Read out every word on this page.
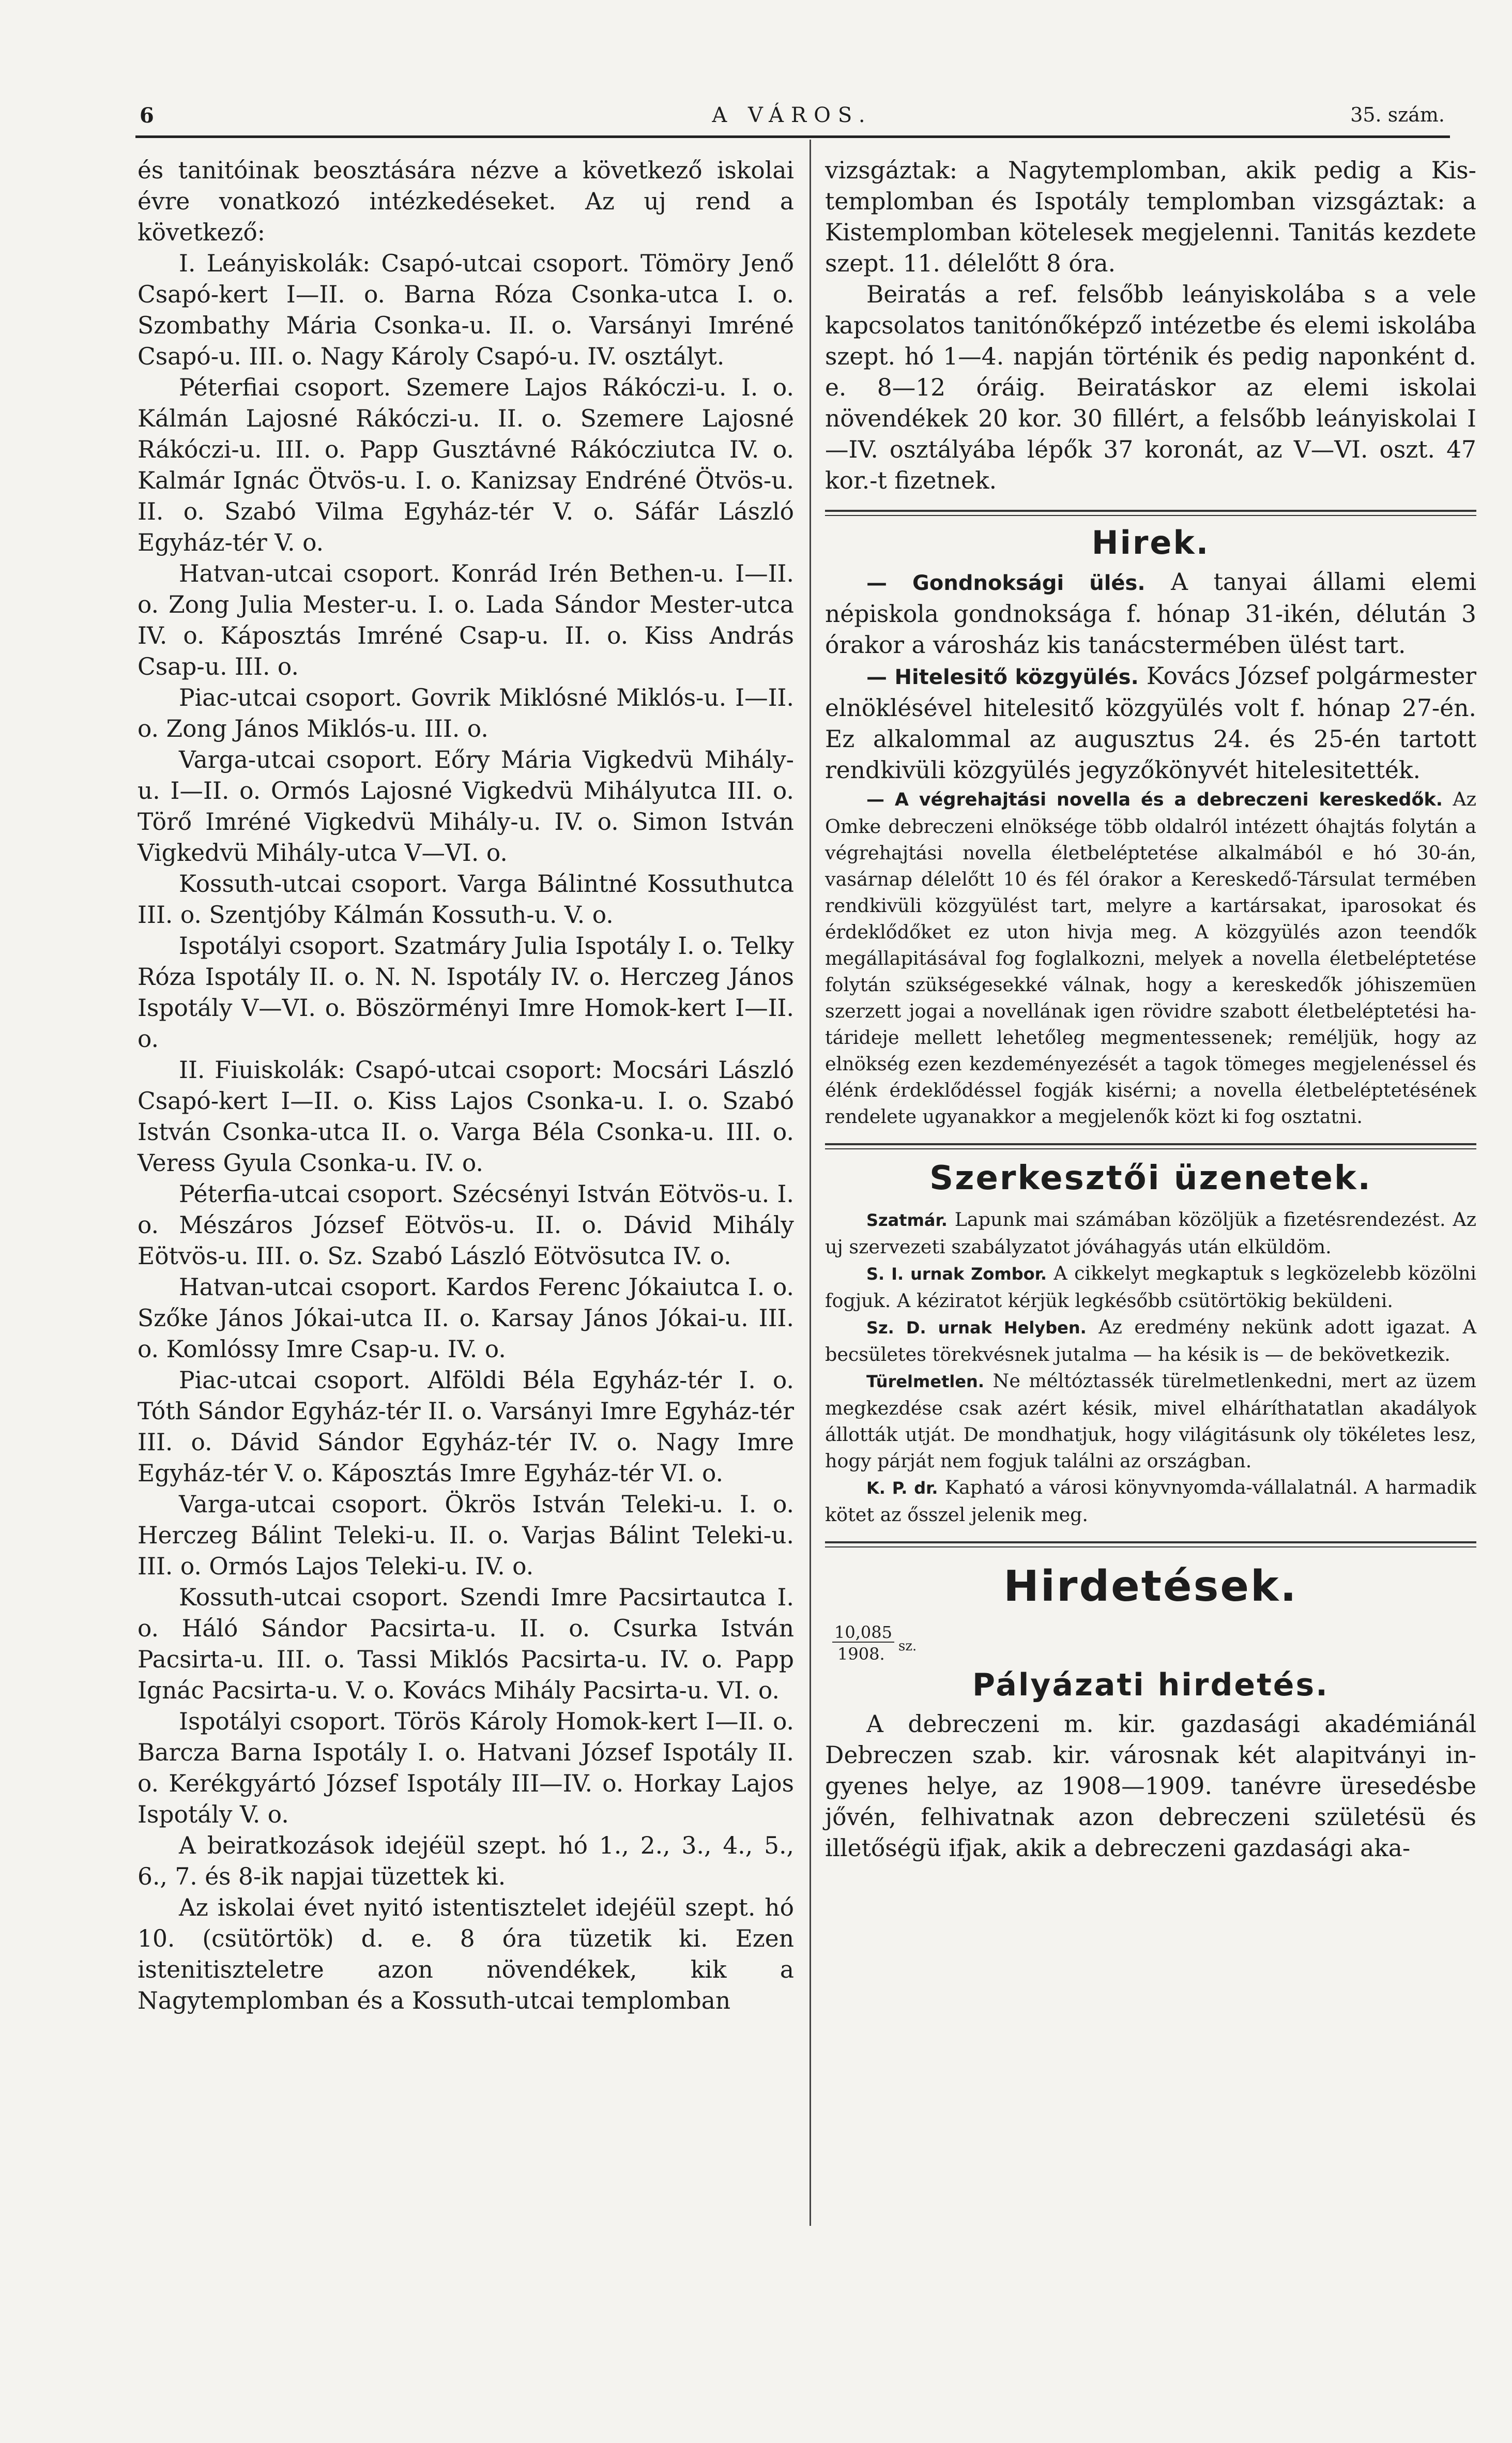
6	A VÁROS.	35. szám.

és tanitóinak beosztására nézve a következő iskolai évre vonatkozó intézkedéseket. Az uj rend a következő:

I. Leányiskolák: Csapó-utcai csoport. Tömöry Jenő Csapó-kert I—II. o. Barna Róza Csonka-utca I. o. Szombathy Mária Csonka-u. II. o. Varsányi Imréné Csapó-u. III. o. Nagy Károly Csapó-u. IV. osztályt.

Péterfiai csoport. Szemere Lajos Rákóczi-u. I. o. Kálmán Lajosné Rákóczi-u. II. o. Szemere Lajosné Rákóczi-u. III. o. Papp Gusztávné Rákócziutca IV. o. Kalmár Ignác Ötvös-u. I. o. Kanizsay Endréné Ötvös-u. II. o. Szabó Vilma Egyház-tér V. o. Sáfár László Egyház-tér V. o.

Hatvan-utcai csoport. Konrád Irén Bethen-u. I—II. o. Zong Julia Mester-u. I. o. Lada Sándor Mester-utca IV. o. Káposztás Imréné Csap-u. II. o. Kiss András Csap-u. III. o.

Piac-utcai csoport. Govrik Miklósné Miklós-u. I—II. o. Zong János Miklós-u. III. o.

Varga-utcai csoport. Eőry Mária Vigkedvü Mihály-u. I—II. o. Ormós Lajosné Vigkedvü Mihályutca III. o. Törő Imréné Vigkedvü Mihály-u. IV. o. Simon István Vigkedvü Mihály-utca V—VI. o.

Kossuth-utcai csoport. Varga Bálintné Kossuthutca III. o. Szentjóby Kálmán Kossuth-u. V. o.

Ispotályi csoport. Szatmáry Julia Ispotály I. o. Telky Róza Ispotály II. o. N. N. Ispotály IV. o. Herczeg János Ispotály V—VI. o. Böszörményi Imre Homok-kert I—II. o.

II. Fiuiskolák: Csapó-utcai csoport: Mocsári László Csapó-kert I—II. o. Kiss Lajos Csonka-u. I. o. Szabó István Csonka-utca II. o. Varga Béla Csonka-u. III. o. Veress Gyula Csonka-u. IV. o.

Péterfia-utcai csoport. Szécsényi István Eötvös-u. I. o. Mészáros József Eötvös-u. II. o. Dávid Mihály Eötvös-u. III. o. Sz. Szabó László Eötvösutca IV. o.

Hatvan-utcai csoport. Kardos Ferenc Jókaiutca I. o. Szőke János Jókai-utca II. o. Karsay János Jókai-u. III. o. Komlóssy Imre Csap-u. IV. o.

Piac-utcai csoport. Alföldi Béla Egyház-tér I. o. Tóth Sándor Egyház-tér II. o. Varsányi Imre Egyház-tér III. o. Dávid Sándor Egyház-tér IV. o. Nagy Imre Egyház-tér V. o. Káposztás Imre Egyház-tér VI. o.

Varga-utcai csoport. Ökrös István Teleki-u. I. o. Herczeg Bálint Teleki-u. II. o. Varjas Bálint Teleki-u. III. o. Ormós Lajos Teleki-u. IV. o.

Kossuth-utcai csoport. Szendi Imre Pacsirtautca I. o. Háló Sándor Pacsirta-u. II. o. Csurka István Pacsirta-u. III. o. Tassi Miklós Pacsirta-u. IV. o. Papp Ignác Pacsirta-u. V. o. Kovács Mihály Pacsirta-u. VI. o.

Ispotályi csoport. Törös Károly Homok-kert I—II. o. Barcza Barna Ispotály I. o. Hatvani József Ispotály II. o. Kerékgyártó József Ispotály III—IV. o. Horkay Lajos Ispotály V. o.

A beiratkozások idejéül szept. hó 1., 2., 3., 4., 5., 6., 7. és 8-ik napjai tüzettek ki.

Az iskolai évet nyitó istentisztelet idejéül szept. hó 10. (csütörtök) d. e. 8 óra tüzetik ki. Ezen istenitiszteletre azon növendékek, kik a Nagytemplomban és a Kossuth-utcai templomban

vizsgáztak: a Nagytemplomban, akik pedig a Kistemplomban és Ispotály templomban vizsgáztak: a Kistemplomban kötelesek megjelenni. Tanitás kezdete szept. 11. délelőtt 8 óra.

Beiratás a ref. felsőbb leányiskolába s a vele kapcsolatos tanitónőképző intézetbe és elemi iskolába szept. hó 1—4. napján történik és pedig naponként d. e. 8—12 óráig. Beiratáskor az elemi iskolai növendékek 20 kor. 30 fillért, a felsőbb leányiskolai I—IV. osztályába lépők 37 koronát, az V—VI. oszt. 47 kor.-t fizetnek.

Hirek.

— Gondnoksági ülés. A tanyai állami elemi népiskola gondnoksága f. hónap 31-ikén, délután 3 órakor a városház kis tanácstermében ülést tart.

— Hitelesitő közgyülés. Kovács József polgármester elnöklésével hitelesitő közgyülés volt f. hónap 27-én. Ez alkalommal az augusztus 24. és 25-én tartott rendkivüli közgyülés jegyzőkönyvét hitelesitették.

— A végrehajtási novella és a debreczeni kereskedők. Az Omke debreczeni elnöksége több oldalról intézett óhajtás folytán a végrehajtási novella életbeléptetése alkalmából e hó 30-án, vasárnap délelőtt 10 és fél órakor a Kereskedő-Társulat termében rendkivüli közgyülést tart, melyre a kartársakat, iparosokat és érdeklődőket ez uton hivja meg. A közgyülés azon teendők megállapitásával fog foglalkozni, melyek a novella életbeléptetése folytán szükségesekké válnak, hogy a kereskedők jóhiszemüen szerzett jogai a novellának igen rövidre szabott életbeléptetési határideje mellett lehetőleg megmentessenek; reméljük, hogy az elnökség ezen kezdeményezését a tagok tömeges megjelenéssel és élénk érdeklődéssel fogják kisérni; a novella életbeléptetésének rendelete ugyanakkor a megjelenők közt ki fog osztatni.

Szerkesztői üzenetek.

Szatmár. Lapunk mai számában közöljük a fizetésrendezést. Az uj szervezeti szabályzatot jóváhagyás után elküldöm.

S. I. urnak Zombor. A cikkelyt megkaptuk s legközelebb közölni fogjuk. A kéziratot kérjük legkésőbb csütörtökig beküldeni.

Sz. D. urnak Helyben. Az eredmény nekünk adott igazat. A becsületes törekvésnek jutalma — ha késik is — de bekövetkezik.

Türelmetlen. Ne méltóztassék türelmetlenkedni, mert az üzem megkezdése csak azért késik, mivel elháríthatatlan akadályok állották utját. De mondhatjuk, hogy világitásunk oly tökéletes lesz, hogy párját nem fogjuk találni az országban.

K. P. dr. Kapható a városi könyvnyomda-vállalatnál. A harmadik kötet az ősszel jelenik meg.

Hirdetések.
10,085
1908. sz.
Pályázati hirdetés.

A debreczeni m. kir. gazdasági akadémiánál Debreczen szab. kir. városnak két alapitványi ingyenes helye, az 1908—1909. tanévre üresedésbe jővén, felhivatnak azon debreczeni születésü és illetőségü ifjak, akik a debreczeni gazdasági aka-
